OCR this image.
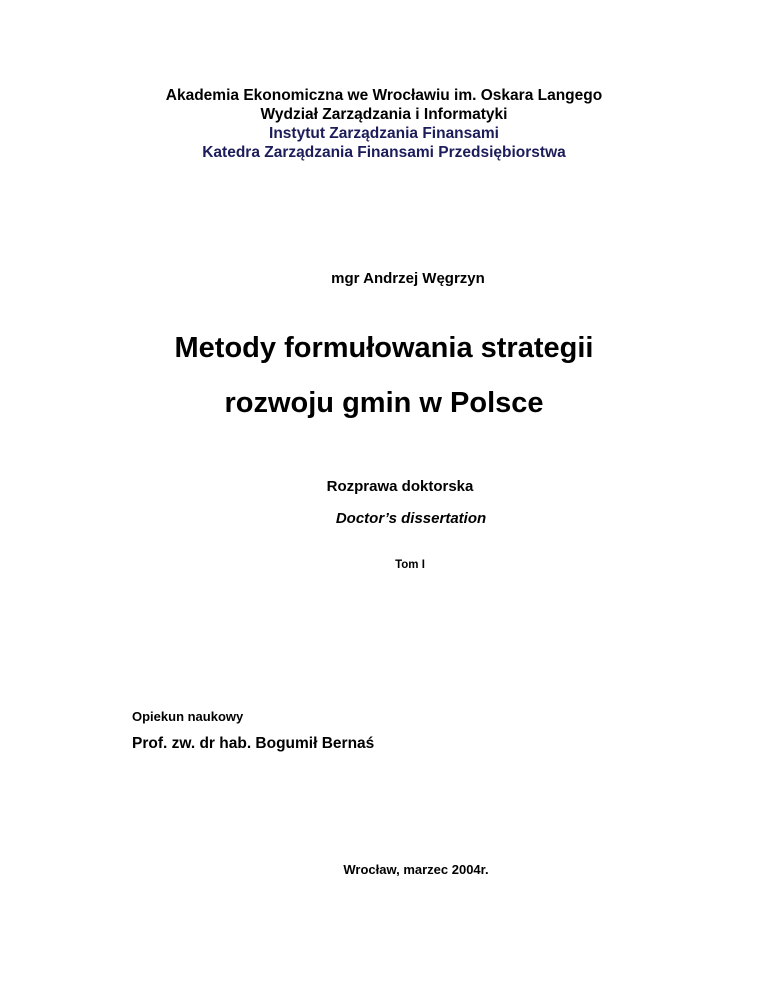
Akademia Ekonomiczna we Wrocławiu im. Oskara Langego
Wydział Zarządzania i Informatyki
Instytut Zarządzania Finansami
Katedra Zarządzania Finansami Przedsiębiorstwa
mgr Andrzej Węgrzyn
Metody formułowania strategii
rozwoju gmin w Polsce
Rozprawa doktorska
Doctor’s dissertation
Tom I
Opiekun naukowy
Prof. zw. dr hab. Bogumił Bernaś
Wrocław, marzec 2004r.
